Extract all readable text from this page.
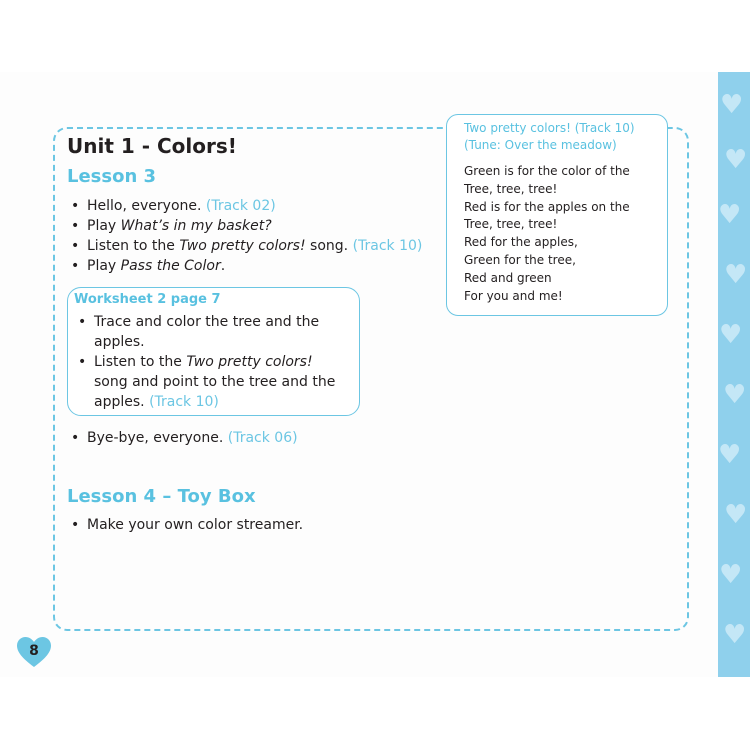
♥
♥
♥
♥
♥
♥
♥
♥
♥
♥
Unit 1 - Colors!
Lesson 3
• Hello, everyone. (Track 02)
• Play What’s in my basket?
• Listen to the Two pretty colors! song. (Track 10)
• Play Pass the Color.
Worksheet 2 page 7
• Trace and color the tree and the apples.
• Listen to the Two pretty colors! song and point to the tree and the apples. (Track 10)
• Bye-bye, everyone. (Track 06)
Lesson 4 – Toy Box
• Make your own color streamer.
Two pretty colors! (Track 10)
(Tune: Over the meadow)
Green is for the color of the
Tree, tree, tree!
Red is for the apples on the
Tree, tree, tree!
Red for the apples,
Green for the tree,
Red and green
For you and me!
8
